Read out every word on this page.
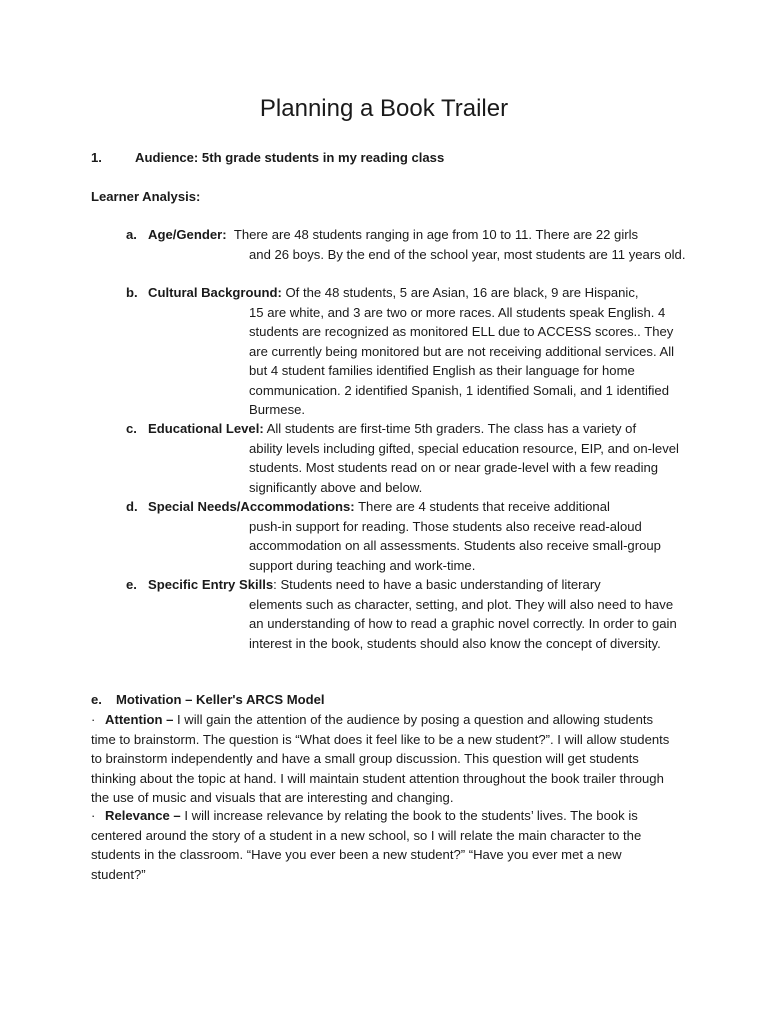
Planning a Book Trailer
1.	Audience: 5th grade students in my reading class
Learner Analysis:
a. Age/Gender: There are 48 students ranging in age from 10 to 11. There are 22 girls
and 26 boys. By the end of the school year, most students are 11 years old.
b. Cultural Background: Of the 48 students, 5 are Asian, 16 are black, 9 are Hispanic,
15 are white, and 3 are two or more races. All students speak English. 4 students are recognized as monitored ELL due to ACCESS scores.. They are currently being monitored but are not receiving additional services. All but 4 student families identified English as their language for home communication. 2 identified Spanish, 1 identified Somali, and 1 identified Burmese.
c. Educational Level: All students are first-time 5th graders. The class has a variety of
ability levels including gifted, special education resource, EIP, and on-level students. Most students read on or near grade-level with a few reading significantly above and below.
d. Special Needs/Accommodations: There are 4 students that receive additional
push-in support for reading. Those students also receive read-aloud accommodation on all assessments. Students also receive small-group support during teaching and work-time.
e. Specific Entry Skills: Students need to have a basic understanding of literary
elements such as character, setting, and plot. They will also need to have an understanding of how to read a graphic novel correctly. In order to gain interest in the book, students should also know the concept of diversity.
e. Motivation – Keller's ARCS Model
· Attention – I will gain the attention of the audience by posing a question and allowing students time to brainstorm. The question is “What does it feel like to be a new student?”. I will allow students to brainstorm independently and have a small group discussion. This question will get students thinking about the topic at hand. I will maintain student attention throughout the book trailer through the use of music and visuals that are interesting and changing.
· Relevance – I will increase relevance by relating the book to the students’ lives. The book is centered around the story of a student in a new school, so I will relate the main character to the students in the classroom. “Have you ever been a new student?” “Have you ever met a new student?”
